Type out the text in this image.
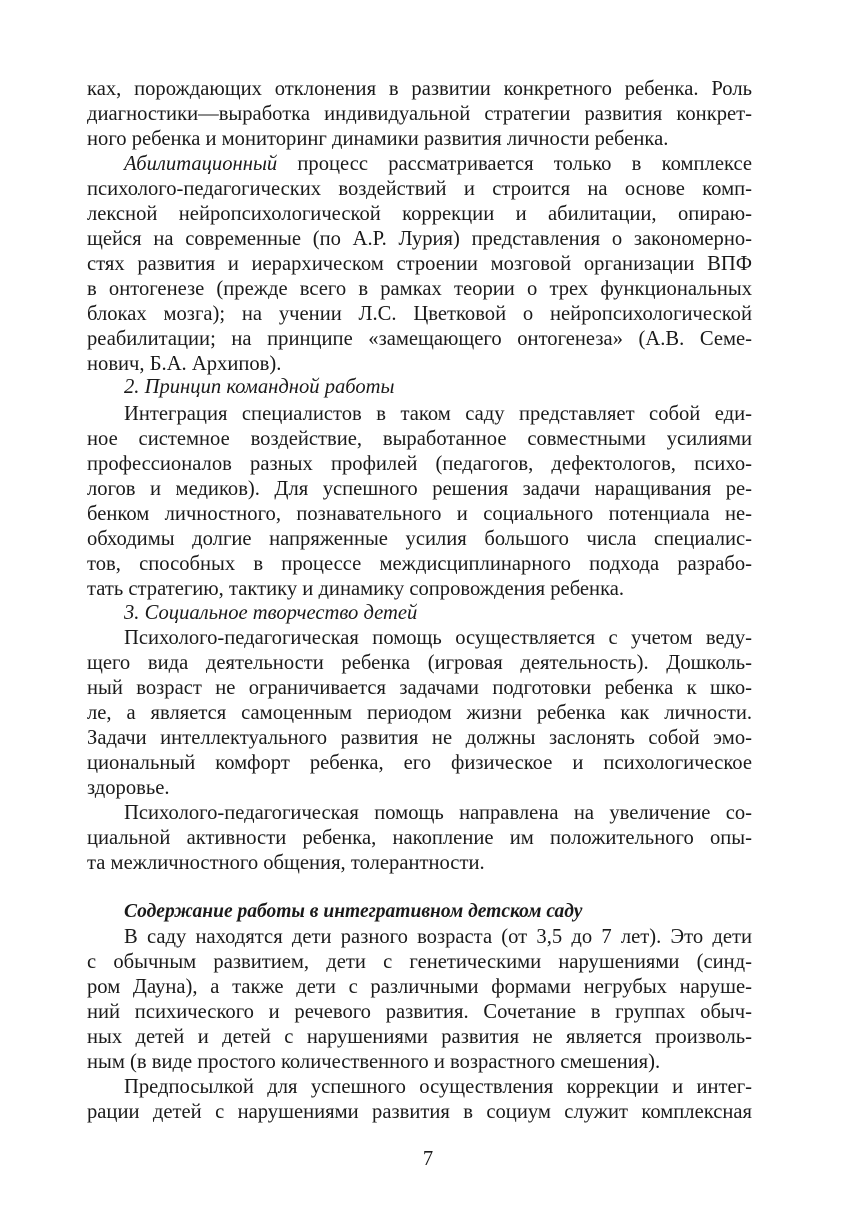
ках, порождающих отклонения в развитии конкретного ребенка. Роль
диагностики—выработка индивидуальной стратегии развития конкрет-
ного ребенка и мониторинг динамики развития личности ребенка.
Абилитационный процесс рассматривается только в комплексе
психолого-педагогических воздействий и строится на основе комп-
лексной нейропсихологической коррекции и абилитации, опираю-
щейся на современные (по А.Р. Лурия) представления о закономерно-
стях развития и иерархическом строении мозговой организации ВПФ
в онтогенезе (прежде всего в рамках теории о трех функциональных
блоках мозга); на учении Л.С. Цветковой о нейропсихологической
реабилитации; на принципе «замещающего онтогенеза» (А.В. Семе-
нович, Б.А. Архипов).
2. Принцип командной работы
Интеграция специалистов в таком саду представляет собой еди-
ное системное воздействие, выработанное совместными усилиями
профессионалов разных профилей (педагогов, дефектологов, психо-
логов и медиков). Для успешного решения задачи наращивания ре-
бенком личностного, познавательного и социального потенциала не-
обходимы долгие напряженные усилия большого числа специалис-
тов, способных в процессе междисциплинарного подхода разрабо-
тать стратегию, тактику и динамику сопровождения ребенка.
3. Социальное творчество детей
Психолого-педагогическая помощь осуществляется с учетом веду-
щего вида деятельности ребенка (игровая деятельность). Дошколь-
ный возраст не ограничивается задачами подготовки ребенка к шко-
ле, а является самоценным периодом жизни ребенка как личности.
Задачи интеллектуального развития не должны заслонять собой эмо-
циональный комфорт ребенка, его физическое и психологическое
здоровье.
Психолого-педагогическая помощь направлена на увеличение со-
циальной активности ребенка, накопление им положительного опы-
та межличностного общения, толерантности.
Содержание работы в интегративном детском саду
В саду находятся дети разного возраста (от 3,5 до 7 лет). Это дети
с обычным развитием, дети с генетическими нарушениями (синд-
ром Дауна), а также дети с различными формами негрубых наруше-
ний психического и речевого развития. Сочетание в группах обыч-
ных детей и детей с нарушениями развития не является произволь-
ным (в виде простого количественного и возрастного смешения).
Предпосылкой для успешного осуществления коррекции и интег-
рации детей с нарушениями развития в социум служит комплексная
7
